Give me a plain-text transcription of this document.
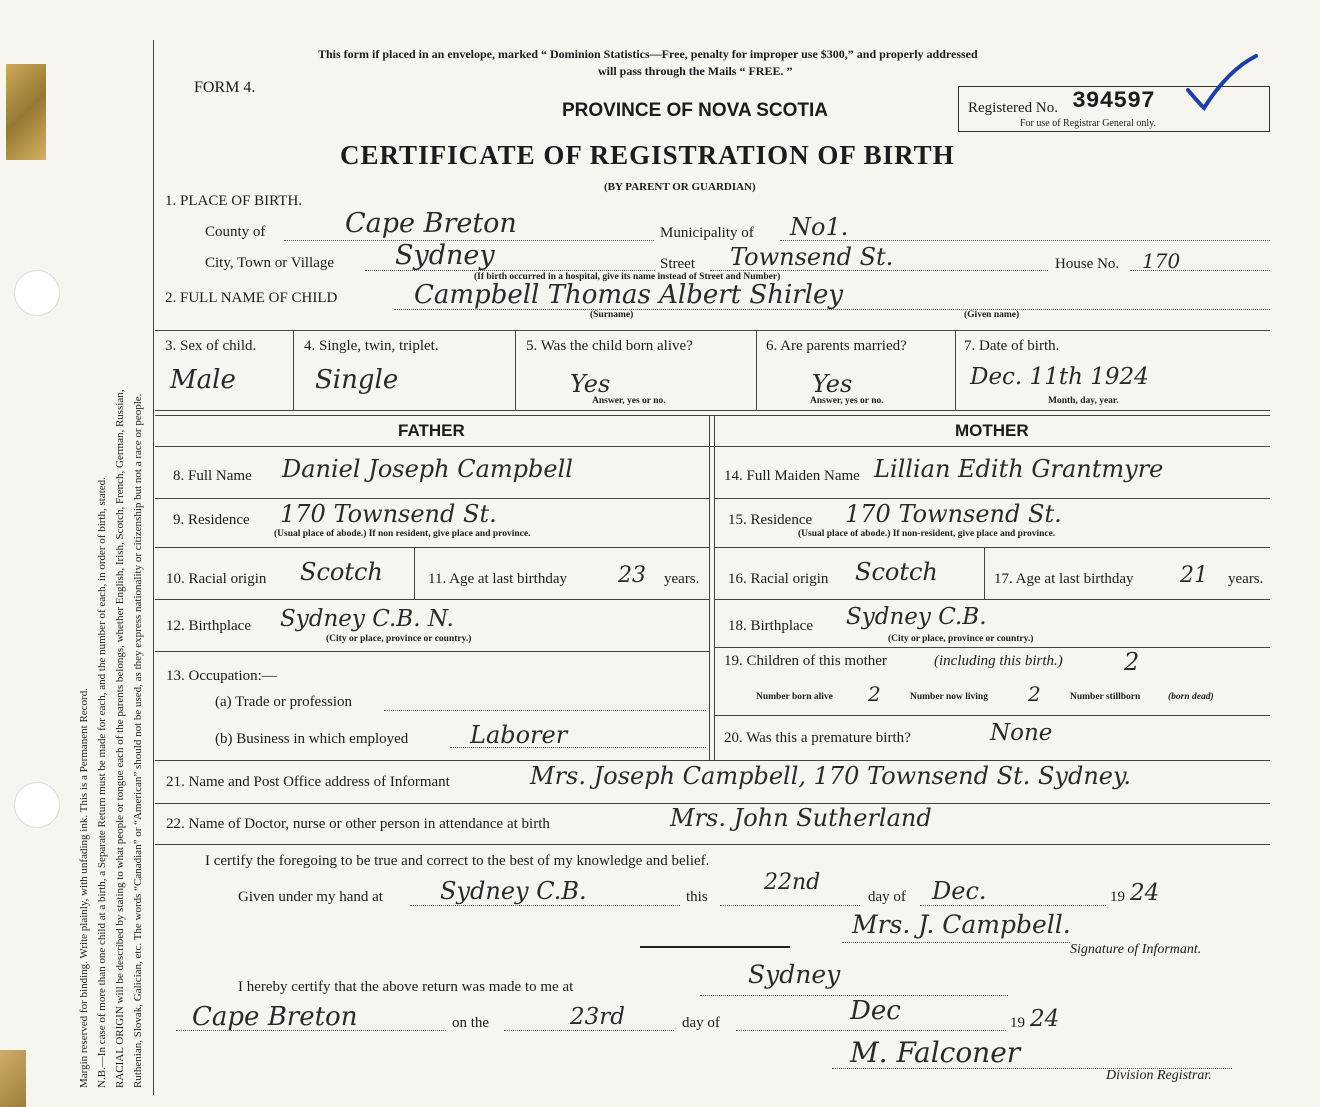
Margin reserved for binding. Write plainly, with unfading ink. This is a Permanent Record. N.B.—In case of more than one child at a birth, a Separate Return must be made for each, and the number of each, in order of birth, stated. RACIAL ORIGIN will be described by stating to what people or tongue each of the parents belongs, whether English, Irish, Scotch, French, German, Russian, Ruthenian, Slovak, Galician, etc. The words “Canadian” or “American” should not be used, as they express nationality or citizenship but not a race or people.
This form if placed in an envelope, marked “ Dominion Statistics—Free, penalty for improper use $300,” and properly addressed
will pass through the Mails “ FREE. ”
FORM 4.
PROVINCE OF NOVA SCOTIA
CERTIFICATE OF REGISTRATION OF BIRTH
(BY PARENT OR GUARDIAN)
Registered No. 394597
For use of Registrar General only.
1. PLACE OF BIRTH.
County of	Cape Breton	Municipality of No1.
City, Town or Village Sydney	Street Townsend St.	House No. 170
(If birth occurred in a hospital, give its name instead of Street and Number)
2. FULL NAME OF CHILD	Campbell Thomas Albert Shirley
(Surname)	(Given name)
3. Sex of child.
Male
4. Single, twin, triplet.
Single
5. Was the child born alive?
Yes
Answer, yes or no.
6. Are parents married?
Yes
Answer, yes or no.
7. Date of birth.
Dec. 11th 1924
Month, day, year.
FATHER	MOTHER
8. Full Name Daniel Joseph Campbell
9. Residence 170 Townsend St.
(Usual place of abode.) If non resident, give place and province.
10. Racial origin Scotch	11. Age at last birthday 23 years.
12. Birthplace Sydney C.B. N.
(City or place, province or country.)
13. Occupation:—
(a) Trade or profession
(b) Business in which employed	Laborer
14. Full Maiden Name Lillian Edith Grantmyre
15. Residence 170 Townsend St.
(Usual place of abode.) If non-resident, give place and province.
16. Racial origin Scotch	17. Age at last birthday 21 years.
18. Birthplace Sydney C.B.
(City or place, province or country.)
19. Children of this mother	(including this birth.)	2
Number born alive 2	Number now living 2	Number stillborn	(born dead)
20. Was this a premature birth?	None
21. Name and Post Office address of Informant	Mrs. Joseph Campbell, 170 Townsend St. Sydney.
22. Name of Doctor, nurse or other person in attendance at birth	Mrs. John Sutherland
I certify the foregoing to be true and correct to the best of my knowledge and belief.
Given under my hand at Sydney C.B.	this
22nd
day of Dec.	19 24
Mrs. J. Campbell.
Signature of Informant.
I hereby certify that the above return was made to me at	Sydney
Cape Breton	on the	23rd	day of	Dec	19 24
M. Falconer
Division Registrar.
